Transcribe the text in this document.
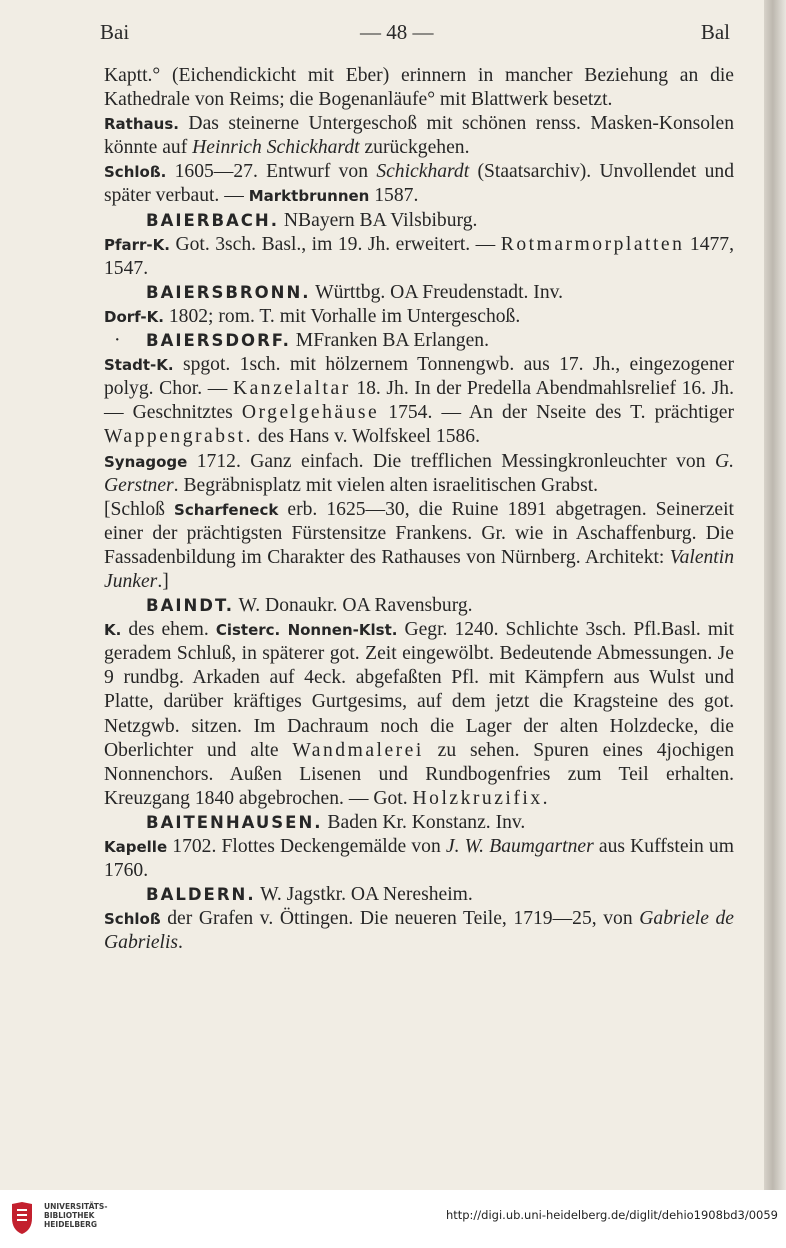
Bai	— 48 —	Bal

Kaptt.° (Eichendickicht mit Eber) erinnern in mancher Beziehung an die Kathedrale von Reims; die Bogenanläufe° mit Blattwerk besetzt.

Rathaus. Das steinerne Untergeschoß mit schönen renss. Masken-Konsolen könnte auf Heinrich Schickhardt zurückgehen.

Schloß. 1605—27. Entwurf von Schickhardt (Staatsarchiv). Unvollendet und später verbaut. — Marktbrunnen 1587.

BAIERBACH. NBayern BA Vilsbiburg.

Pfarr-K. Got. 3sch. Basl., im 19. Jh. erweitert. — Rotmarmorplatten 1477, 1547.

BAIERSBRONN. Württbg. OA Freudenstadt. Inv.

Dorf-K. 1802; rom. T. mit Vorhalle im Untergeschoß.

· BAIERSDORF. MFranken BA Erlangen.

Stadt-K. spgot. 1sch. mit hölzernem Tonnengwb. aus 17. Jh., eingezogener polyg. Chor. — Kanzelaltar 18. Jh. In der Predella Abendmahlsrelief 16. Jh. — Geschnitztes Orgelgehäuse 1754. — An der Nseite des T. prächtiger Wappengrabst. des Hans v. Wolfskeel 1586.

Synagoge 1712. Ganz einfach. Die trefflichen Messingkronleuchter von G. Gerstner. Begräbnisplatz mit vielen alten israelitischen Grabst.

[Schloß Scharfeneck erb. 1625—30, die Ruine 1891 abgetragen. Seinerzeit einer der prächtigsten Fürstensitze Frankens. Gr. wie in Aschaffenburg. Die Fassadenbildung im Charakter des Rathauses von Nürnberg. Architekt: Valentin Junker.]

BAINDT. W. Donaukr. OA Ravensburg.

K. des ehem. Cisterc. Nonnen-Klst. Gegr. 1240. Schlichte 3sch. Pfl.Basl. mit geradem Schluß, in späterer got. Zeit eingewölbt. Bedeutende Abmessungen. Je 9 rundbg. Arkaden auf 4eck. abgefaßten Pfl. mit Kämpfern aus Wulst und Platte, darüber kräftiges Gurtgesims, auf dem jetzt die Kragsteine des got. Netzgwb. sitzen. Im Dachraum noch die Lager der alten Holzdecke, die Oberlichter und alte Wandmalerei zu sehen. Spuren eines 4jochigen Nonnenchors. Außen Lisenen und Rundbogenfries zum Teil erhalten. Kreuzgang 1840 abgebrochen. — Got. Holzkruzifix.

BAITENHAUSEN. Baden Kr. Konstanz. Inv.

Kapelle 1702. Flottes Deckengemälde von J. W. Baumgartner aus Kuffstein um 1760.

BALDERN. W. Jagstkr. OA Neresheim.

Schloß der Grafen v. Öttingen. Die neueren Teile, 1719—25, von Gabriele de Gabrielis.

UNIVERSITÄTS-
BIBLIOTHEK
HEIDELBERG
http://digi.ub.uni-heidelberg.de/diglit/dehio1908bd3/0059
